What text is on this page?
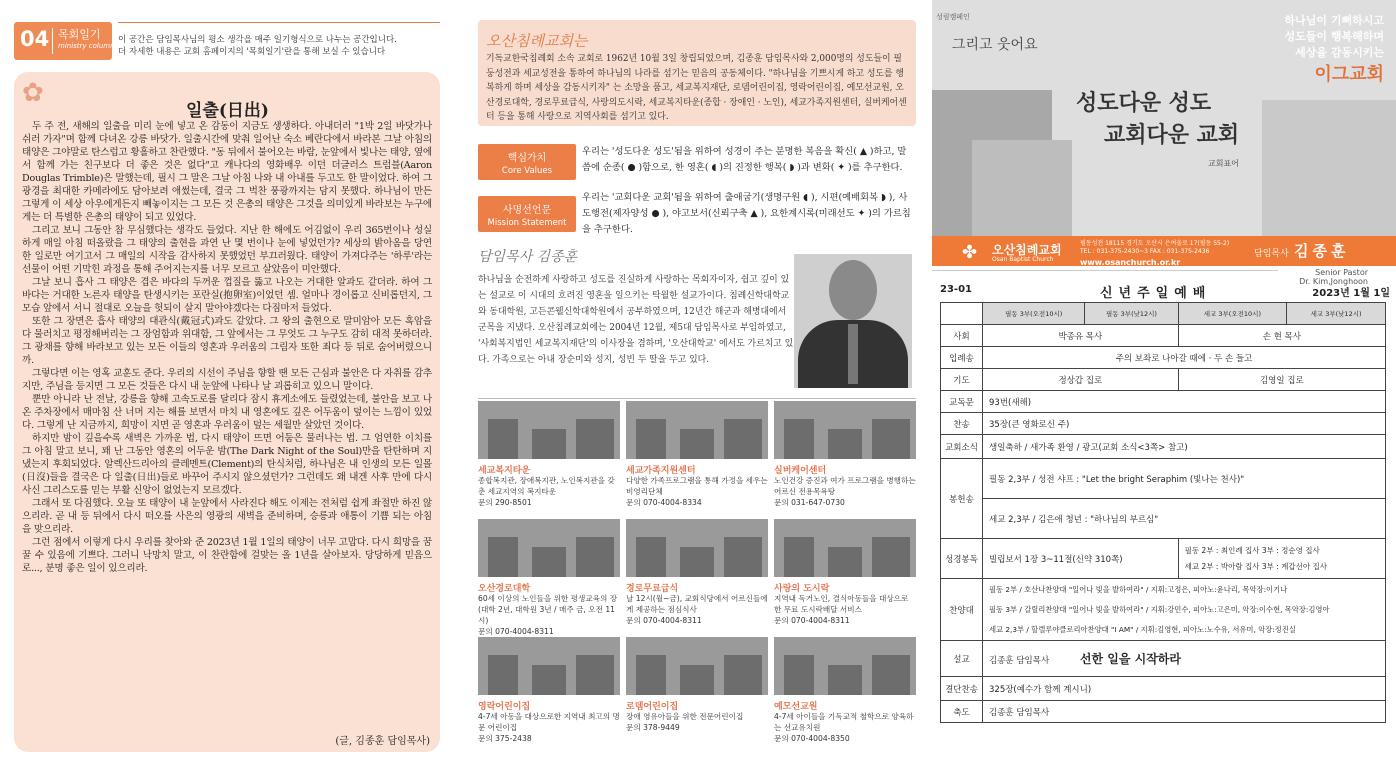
04 목회일기
ministry column
이 공간은 담임목사님의 평소 생각을 매주 일기형식으로 나누는 공간입니다.
더 자세한 내용은 교회 홈페이지의 '목회일기'란을 통해 보실 수 있습니다
✿
일출(日出)

두 주 전, 새해의 일출을 미리 눈에 넣고 온 감동이 지금도 생생하다. 아내더러 "1박 2일 바닷가나 쉬러 가자"며 함께 다녀온 강릉 바닷가. 일출시간에 맞춰 일어난 숙소 베란다에서 바라본 그날 아침의 태양은 그야말로 탄스럽고 황홀하고 찬란했다. "동 뒤에서 불어오는 바람, 눈앞에서 빛나는 태양, 옆에서 함께 가는 친구보다 더 좋은 것은 없다"고 캐나다의 영화배우 이던 더글러스 트럼블(Aaron Douglas Trimble)은 말했는데, 필시 그 말은 그날 아침 나와 내 아내를 두고도 한 말이었다. 하여 그 광경을 최대한 카메라에도 담아보려 애썼는데, 결국 그 벅찬 풍광까지는 담지 못했다. 하나님이 만든 그렇게 이 세상 아우에게든지 빼놓이지는 그 모든 것 은총의 태양은 그것을 의미있게 바라보는 누구에게는 더 특별한 은총의 태양이 되고 있었다.

그리고 보니 그동안 참 무심했다는 생각도 들었다. 지난 한 해에도 어김없이 우리 365번이나 성실하게 매일 아침 떠올랐을 그 태양의 출현을 과연 난 몇 번이나 눈에 넣었던가? 세상의 밝아옴을 당연한 일로만 여기고서 그 매일의 시작을 감사하지 못했었던 부끄러웠다. 태양이 가져다주는 '하루'라는 선물이 어떤 기막힌 과정을 통해 주어지는지를 너무 모르고 살았음이 미안했다.

그날 보니 흡사 그 태양은 겹은 바다의 두꺼운 껍질을 뚫고 나오는 거대한 알과도 같더라. 하여 그 바다는 거대한 노른자 태양을 탄생시키는 포란실(抱卵室)이었던 셈. 얼마나 경이롭고 신비롭던지, 그 모습 앞에서 서니 절대로 오늘을 헛되이 살지 말아야겠다는 다짐마저 들었다.

또한 그 장면은 흡사 태양의 대관식(戴冠式)과도 같았다. 그 왕의 출현으로 말미암아 모든 흑암을 다 물러치고 평정해버리는 그 장엄함과 위대함, 그 앞에서는 그 무엇도 그 누구도 감히 대적 못하더라. 그 광채를 향해 바라보고 있는 모든 이들의 영혼과 우러움의 그림자 또한 죄다 등 뒤로 숨어버렸으니까.

그렇다면 이는 영혹 교훈도 준다. 우리의 시선이 주님을 향할 땐 모든 근심과 불안은 다 자취를 감추지만, 주님을 등지면 그 모든 것들은 다시 내 눈앞에 나타나 날 괴롭히고 있으니 말이다.

뿐만 아니라 난 전날, 강릉을 향해 고속도로를 달리다 잠시 휴게소에도 들렸었는데, 불안을 보고 나온 주차장에서 매마침 산 너머 지는 해를 보면서 마치 내 영혼에도 깊은 어두움이 덮이는 느낌이 있었다. 그렇게 난 지금까지, 희망이 지면 곧 영혼과 우러움이 덮는 세월만 살았던 것이다.

하지만 밤이 깊을수록 새벽은 가까운 법, 다시 태양이 뜨면 어둠은 물러나는 법. 그 엄연한 이치를 그 아침 말고 보니, 꽤 난 그동안 영혼의 어두운 밤(The Dark Night of the Soul)만을 탄탄하며 지냈는지 후회되었다. 알렉산드리아의 클레멘트(Clement)의 탄식처럼, 하나님은 내 인생의 모든 일몰(日沒)들을 결국은 다 일출(日出)들로 바꾸어 주시지 않으셨던가? 그런데도 왜 내겐 사후 만에 다시 사신 그리스도를 믿는 부활 신앙이 없었는지 모르겠다.

그래서 또 다짐했다. 오늘 또 태양이 내 눈앞에서 사라진다 해도 이제는 전처럼 쉽게 좌절만 하진 않으리라. 곧 내 등 뒤에서 다시 떠오를 사은의 영광의 새벽을 준비하며, 승릉과 애통이 기쁨 되는 아침을 맞으리라.

그런 점에서 이렇게 다시 우리를 찾아와 준 2023년 1월 1일의 태양이 너무 고맙다. 다시 희망을 꿈꿀 수 있음에 기쁘다. 그러니 낙망치 말고, 이 찬란함에 걸맞는 올 1년을 살아보자. 당당하게 믿음으로..., 분명 좋은 일이 있으리라.

(글, 김종훈 담임목사)
오산침례교회는
기독교한국침례회 소속 교회로 1962년 10월 3일 창립되었으며, 김종훈 담임목사와 2,000명의 성도들이 필둥성전과 세교성전을 통하여 하나님의 나라를 섬기는 믿음의 공동체이다. "하나님을 기쁘시게 하고 성도를 행복하게 하며 세상을 감동시키자" 는 소망을 품고, 세교복지재단, 로뎀어린이집, 영락어린이집, 예모선교원, 오산경로대학, 경로무료급식, 사랑의도시락, 세교복지타운(종합 · 장애인 · 노인), 세교가족지원센터, 실버케어센터 등을 통해 사랑으로 지역사회를 섬기고 있다.
핵심가치
Core Values
우리는 '성도다운 성도'됨을 위하여 성경이 주는 분명한 복음을 확신( ▲ )하고, 말씀에 순종( ● )함으로, 한 영혼( ◖ )의 진정한 행복( ◗ )과 변화( ✦ )를 추구한다.
사명선언문
Mission Statement
우리는 '교회다운 교회'됨을 위하여 출애굽기(생명구원 ◖ ), 시편(예배회복 ◗ ), 사도행전(제자양성 ● ), 야고보서(신뢰구축 ▲ ), 요한계시록(미래선도 ✦ )의 가르침을 추구한다.
담임목사 김종훈
하나님을 순전하게 사랑하고 성도를 진실하게 사랑하는 목회자이자, 쉽고 깊이 있는 설교로 이 시대의 흐려진 영혼을 일으키는 탁월한 설교가이다. 침례신학대학교와 동대학원, 고든콘웰신학대학원에서 공부하였으며, 12년간 해군과 해병대에서 군목을 지냈다. 오산침례교회에는 2004년 12월, 제5대 담임목사로 부임하였고, '사회복지법인 세교복지재단'의 이사장을 겸하며, '오산대학교' 에서도 가르치고 있다. 가족으로는 아내 장순미와 성지, 성빈 두 딸을 두고 있다.
세교복지타운
종합복지관, 장애복지관, 노인복지관을 갖춘 세교지역의 복지타운
문의 290-8501
세교가족지원센터
다양한 가족프로그램을 통해 가정을 세우는 비영리단체
문의 070-4004-8334
실버케어센터
노인건강 증진과 여가 프로그램을 병행하는 어르신 전용목욕탕
문의 031-647-0730
오산경로대학
60세 이상의 노인들을 위한 평생교육의 장 (대학 2년, 대학원 3년 / 매주 금, 오전 11시)
문의 070-4004-8311
경로무료급식
날 12시(월~금), 교회식당에서 어르신들에게 제공하는 점심식사
문의 070-4004-8311
사랑의 도시락
지역내 독거노인, 결식아동들을 대상으로 한 무료 도시락배달 서비스
문의 070-4004-8311
영락어린이집
4-7세 아동을 대상으로한 지역내 최고의 명문 어린이집
문의 375-2438
로뎀어린이집
장애 영유아들을 위한 전문어린이집
문의 378-9449
예모선교원
4-7세 아이들을 기독교적 철학으로 양육하는 선교유치원
문의 070-4004-8350
성림캠페인
그리고 웃어요
하나님이 기뻐하시고
성도들이 행복해하며
세상을 감동시키는
이그교회
성도다운 성도
교회다운 교회
교회표어
✤	오산침례교회
Osan Baptist Church
필동성전 18115 경기도 오산시 은여울로 17(필동 55-2)
TEL : 031-375-2430~3 FAX : 031-375-2436
www.osanchurch.or.kr
담임목사 김종훈
Senior Pastor
Dr. Kim,Jonghoon
23-01	신년주일예배	2023년 1월 1일
	필동 3부(오전10시)	필동 3부(낮12시)	세교 3부(오전10시)	세교 3부(낮12시)
사회	박종유 목사		손 현 목사	
입례송	주의 보좌로 나아갈 때에 · 두 손 들고			
기도	정상갑 집로		김영일 집로	
교독문	93번(새해)			
찬송	35장(큰 영화로신 주)			
교회소식	생일축하 / 새가족 환영 / 광고(교회 소식<3쪽> 참고)			
봉헌송	필동 2,3부 / 성전 샤프 : "Let the bright Seraphim (빛나는 천사)"			
	세교 2,3부 / 김은애 청년 : "하나님의 부르심"			
성경봉독	빌립보서 1장 3~11절(신약 310쪽)		필동 2부 : 최인례 집사 3부 : 정순영 집사
세교 2부 : 박아람 집사 3부 : 계갑선아 집사	

찬양대	필동 2부 / 호산나찬양대 "일어나 빛을 발하여라" / 지휘:고정은, 피아노:윤나리, 목악장:이기나
필동 3부 / 갈릴리찬양대 "일어나 빛을 발하여라" / 지휘:강민수, 피아노:고은미, 악장:이수현, 목악장:김영아
세교 2,3부 / 할렐루야클로리아찬양대 "I AM" / 지휘:김영현, 피아노:노수유, 서유미, 악장:정진실			

설교	김종훈 담임목사 선한 일을 시작하라			
결단찬송	325장(예수가 함께 계시니)			
축도	김종훈 담임목사			
